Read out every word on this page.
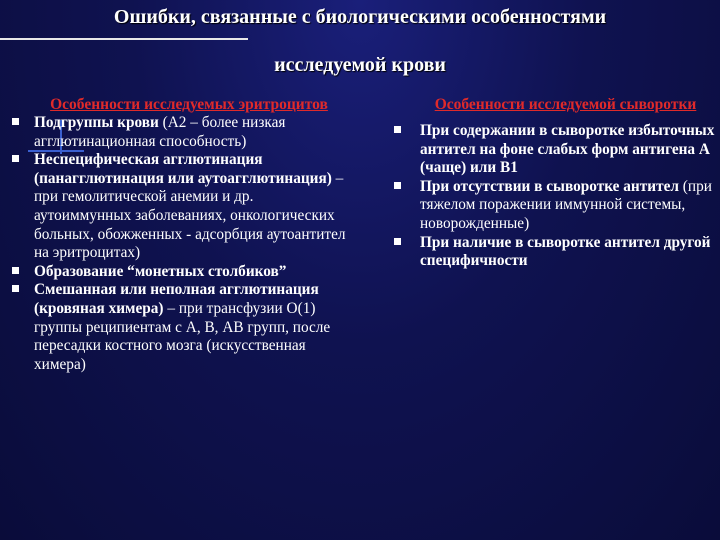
Ошибки, связанные с биологическими особенностями
исследуемой крови
Особенности исследуемых эритроцитов
Подгруппы крови (А2 – более низкая агглютинационная способность)
Неспецифическая агглютинация (панагглютинация или аутоагглютинация) – при гемолитической анемии и др. аутоиммунных заболеваниях, онкологических больных, обожженных - адсорбция аутоантител на эритроцитах)
Образование “монетных столбиков”
Смешанная или неполная агглютинация (кровяная химера) – при трансфузии О(1) группы реципиентам с А, В, АВ групп, после пересадки костного мозга (искусственная химера)
Особенности исследуемой сыворотки
При содержании в сыворотке избыточных антител на фоне слабых форм антигена А (чаще) или В1
При отсутствии в сыворотке антител (при тяжелом поражении иммунной системы, новорожденные)
При наличие в сыворотке антител другой специфичности
